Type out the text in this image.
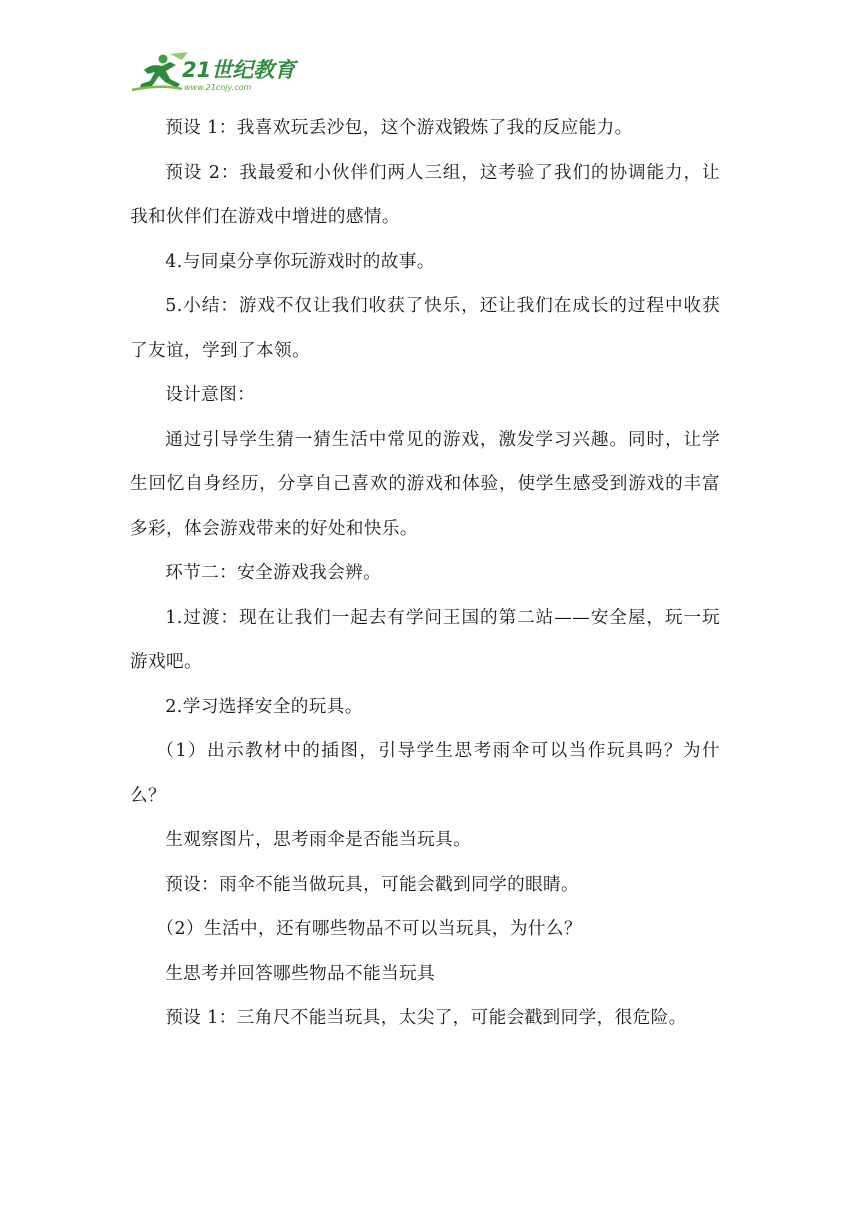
21世纪教育
www.21cnjy.com

预设 1：我喜欢玩丢沙包，这个游戏锻炼了我的反应能力。

预设 2：我最爱和小伙伴们两人三组，这考验了我们的协调能力，让我和伙伴们在游戏中增进的感情。

4.与同桌分享你玩游戏时的故事。

5.小结：游戏不仅让我们收获了快乐，还让我们在成长的过程中收获了友谊，学到了本领。

设计意图：

通过引导学生猜一猜生活中常见的游戏，激发学习兴趣。同时，让学生回忆自身经历，分享自己喜欢的游戏和体验，使学生感受到游戏的丰富多彩，体会游戏带来的好处和快乐。

环节二：安全游戏我会辨。

1.过渡：现在让我们一起去有学问王国的第二站——安全屋，玩一玩游戏吧。

2.学习选择安全的玩具。

（1）出示教材中的插图，引导学生思考雨伞可以当作玩具吗？为什么？

生观察图片，思考雨伞是否能当玩具。

预设：雨伞不能当做玩具，可能会戳到同学的眼睛。

（2）生活中，还有哪些物品不可以当玩具，为什么？

生思考并回答哪些物品不能当玩具

预设 1：三角尺不能当玩具，太尖了，可能会戳到同学，很危险。
